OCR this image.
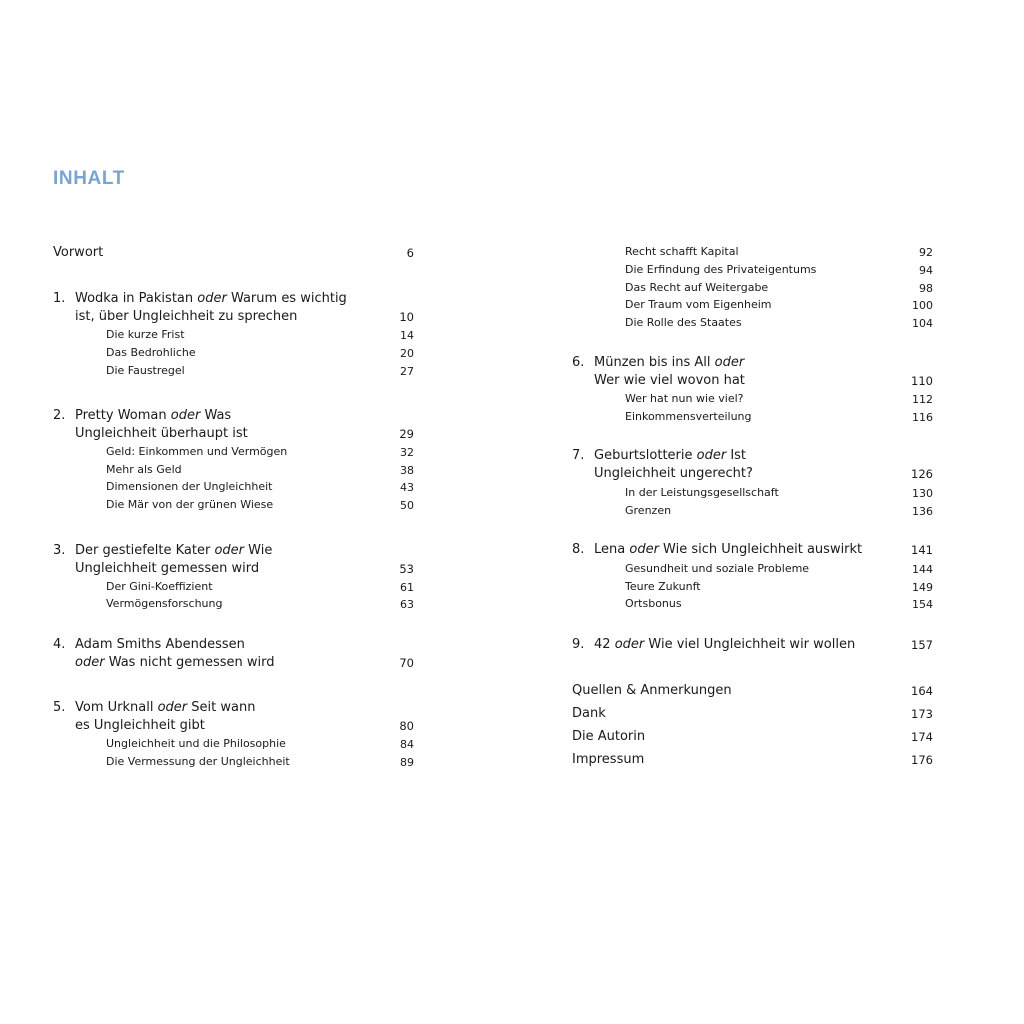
INHALT
Vorwort	6
1. Wodka in Pakistan oder Warum es wichtig
ist, über Ungleichheit zu sprechen	10
Die kurze Frist	14
Das Bedrohliche	20
Die Faustregel	27
2. Pretty Woman oder Was
Ungleichheit überhaupt ist	29
Geld: Einkommen und Vermögen	32
Mehr als Geld	38
Dimensionen der Ungleichheit	43
Die Mär von der grünen Wiese	50
3. Der gestiefelte Kater oder Wie
Ungleichheit gemessen wird	53
Der Gini-Koeffizient	61
Vermögensforschung	63
4. Adam Smiths Abendessen
oder Was nicht gemessen wird	70
5. Vom Urknall oder Seit wann
es Ungleichheit gibt	80
Ungleichheit und die Philosophie	84
Die Vermessung der Ungleichheit	89
Recht schafft Kapital	92
Die Erfindung des Privateigentums	94
Das Recht auf Weitergabe	98
Der Traum vom Eigenheim	100
Die Rolle des Staates	104
6. Münzen bis ins All oder
Wer wie viel wovon hat	110
Wer hat nun wie viel?	112
Einkommensverteilung	116
7. Geburtslotterie oder Ist
Ungleichheit ungerecht?	126
In der Leistungsgesellschaft	130
Grenzen	136
8. Lena oder Wie sich Ungleichheit auswirkt	141
Gesundheit und soziale Probleme	144
Teure Zukunft	149
Ortsbonus	154
9. 42 oder Wie viel Ungleichheit wir wollen	157
Quellen & Anmerkungen	164
Dank	173
Die Autorin	174
Impressum	176
